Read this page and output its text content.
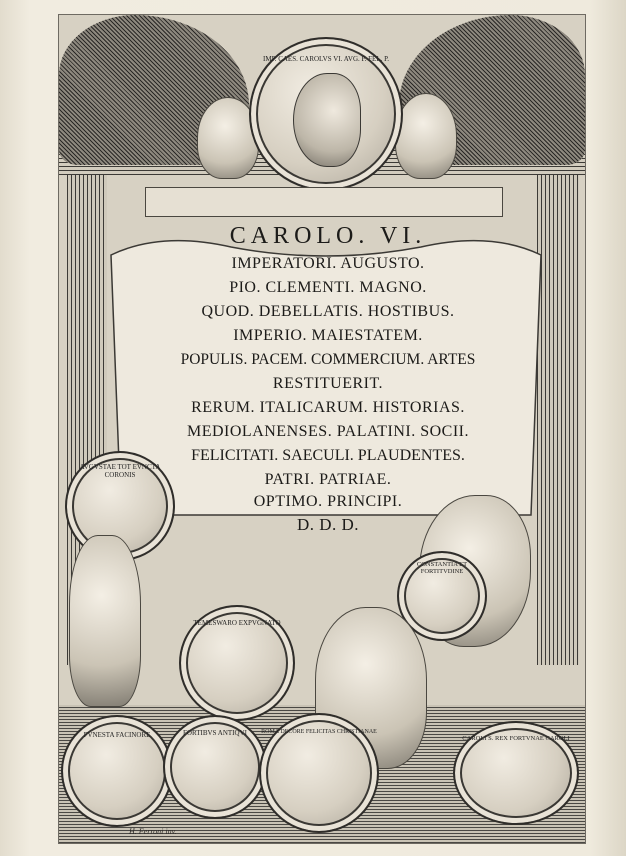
IMP. CAES. CAROLVS VI. AVG. P. FEL. P.
CAROLO. VI.
IMPERATORI. AUGUSTO.
PIO. CLEMENTI. MAGNO.
QUOD. DEBELLATIS. HOSTIBUS.
IMPERIO. MAIESTATEM.
POPULIS. PACEM. COMMERCIUM. ARTES
RESTITUERIT.
RERUM. ITALICARUM. HISTORIAS.
MEDIOLANENSES. PALATINI. SOCII.
FELICITATI. SAECULI. PLAUDENTES.
PATRI. PATRIAE.
OPTIMO. PRINCIPI.
D. D. D.
AVGVSTAE TOT EVNCTA CORONIS
CONSTANTIA ET FORTITVDINE
TEMESWARO EXPVGNATO
FVNESTA FACINORE	FORTIBVS ANTIQVI	ROMA DECORE FELICITAS CHRISTIANAE
CAROLI S. REX FORTVNAE CAROLI
H. Ferroni inv.
